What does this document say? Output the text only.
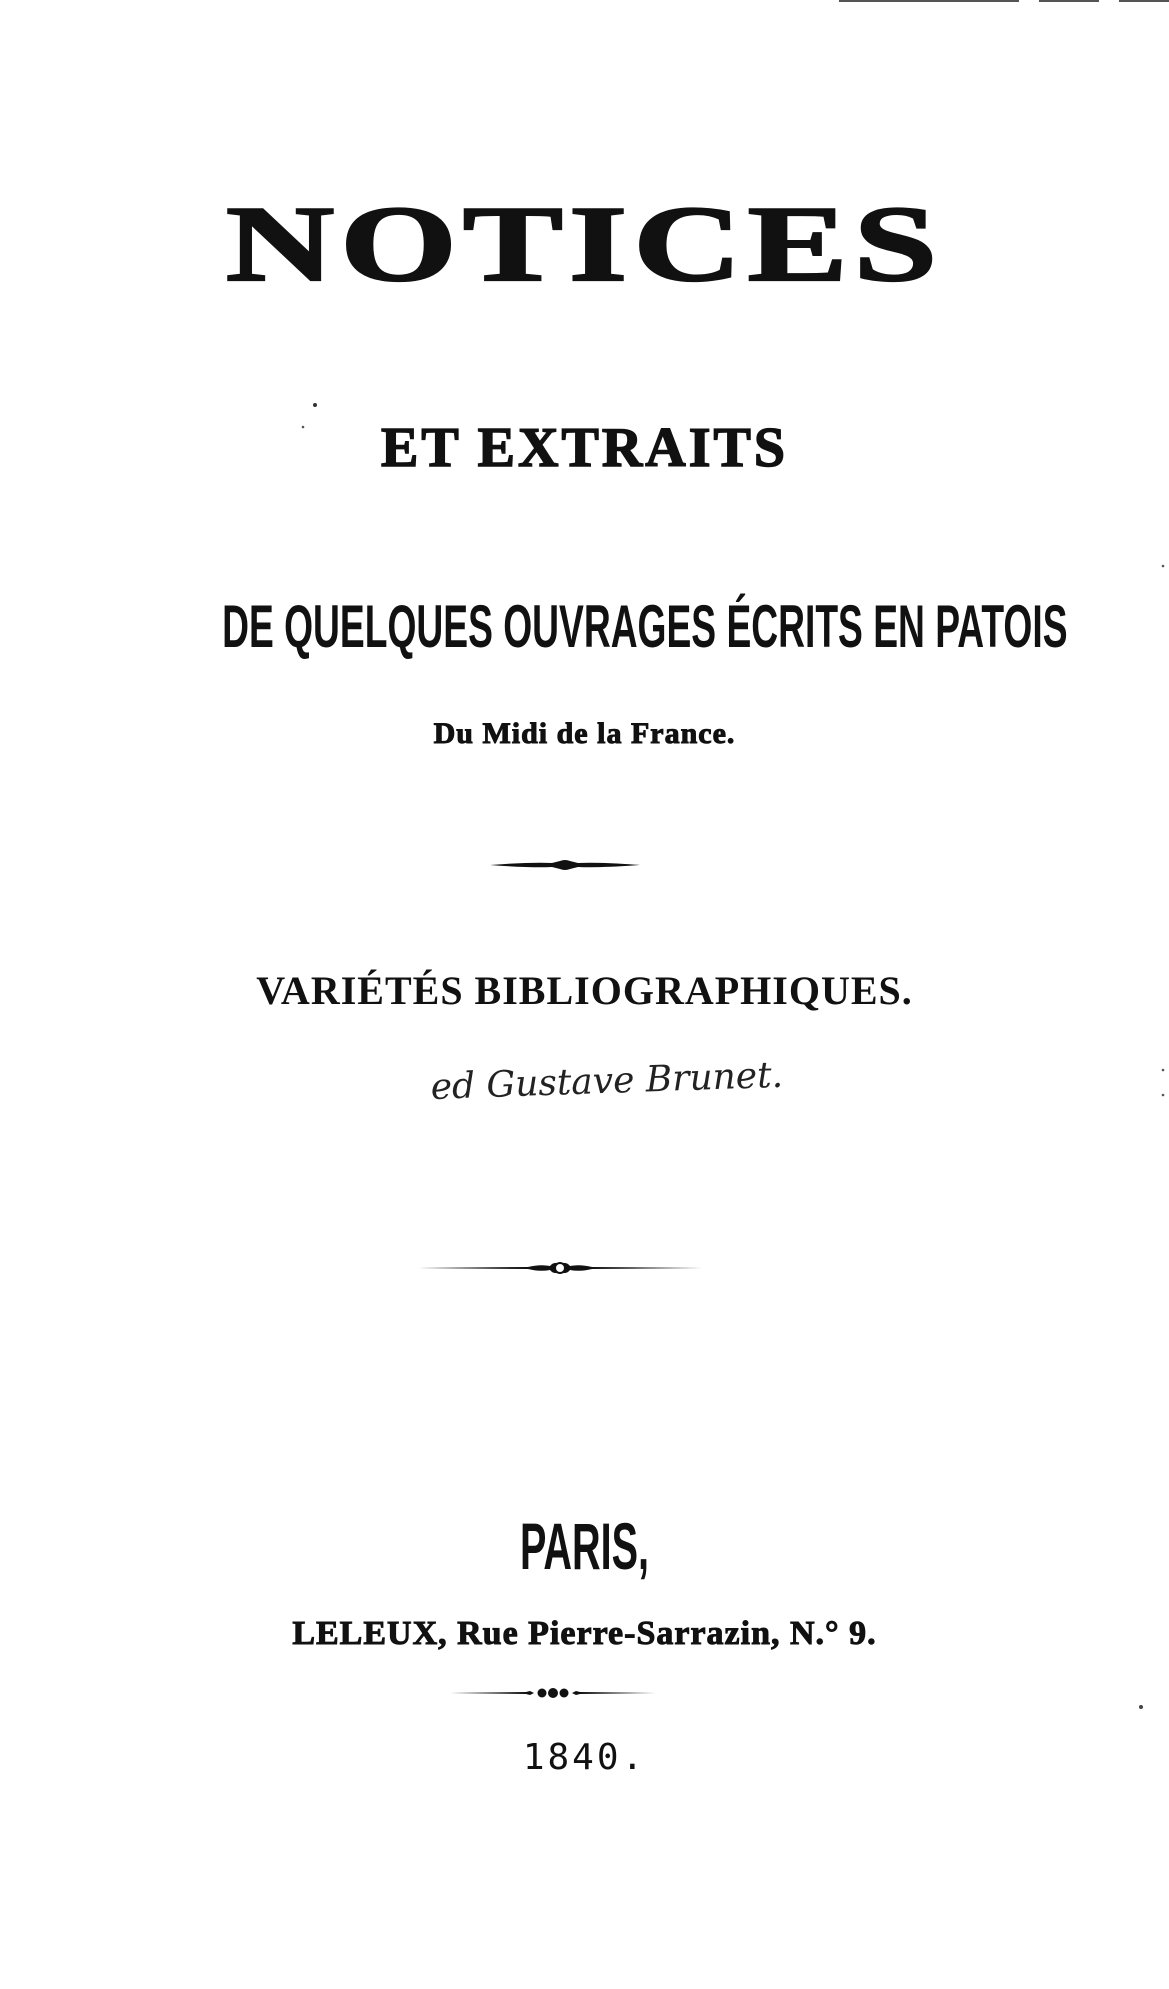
NOTICES
ET EXTRAITS
DE QUELQUES OUVRAGES ÉCRITS EN PATOIS
Du Midi de la France.
VARIÉTÉS BIBLIOGRAPHIQUES.
ed Gustave Brunet.
PARIS,
LELEUX, Rue Pierre-Sarrazin, N.° 9.
1840.
